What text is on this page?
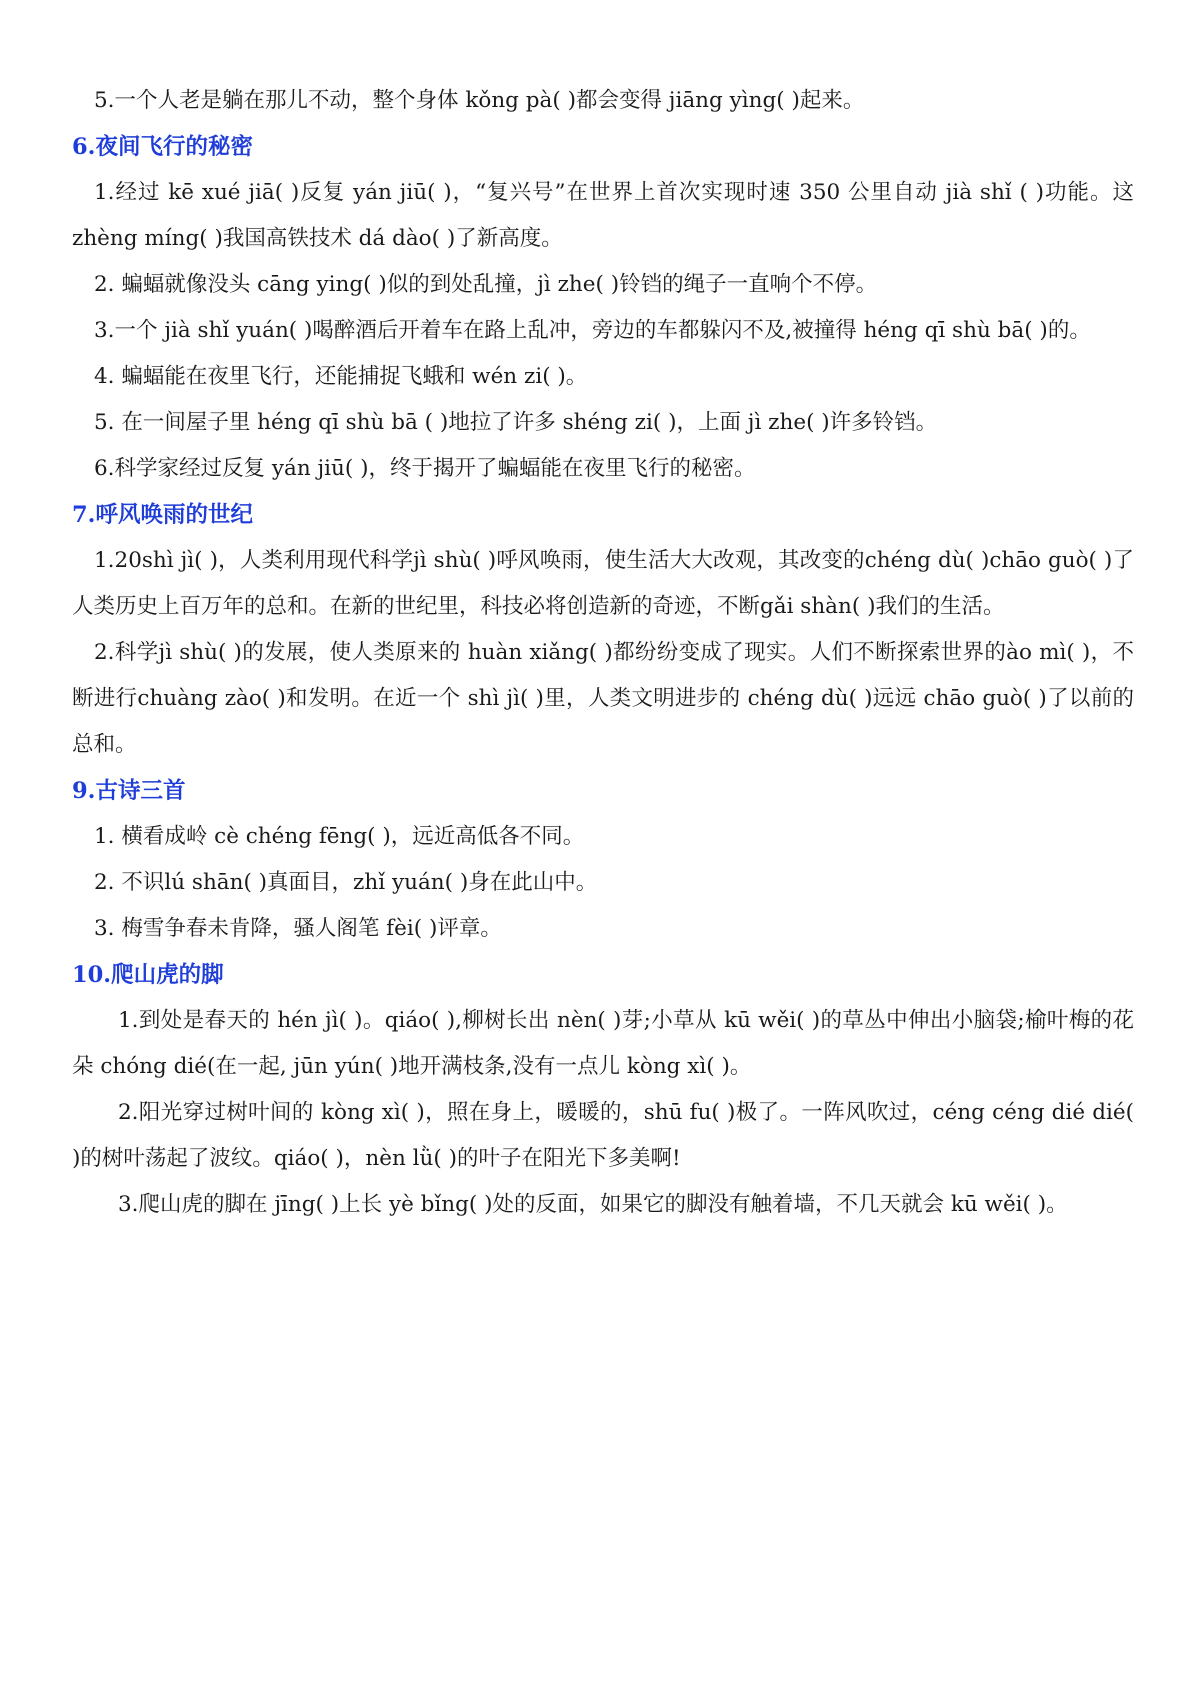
5.一个人老是躺在那儿不动，整个身体 kǒng pà( )都会变得 jiāng yìng( )起来。

6.夜间飞行的秘密

1.经过 kē xué jiā( )反复 yán jiū( )，“复兴号”在世界上首次实现时速 350 公里自动 jià shǐ ( )功能。这 zhèng míng( )我国高铁技术 dá dào( )了新高度。

2. 蝙蝠就像没头 cāng ying( )似的到处乱撞，jì zhe( )铃铛的绳子一直响个不停。

3.一个 jià shǐ yuán( )喝醉酒后开着车在路上乱冲，旁边的车都躲闪不及,被撞得 héng qī shù bā( )的。

4. 蝙蝠能在夜里飞行，还能捕捉飞蛾和 wén zi( )。

5. 在一间屋子里 héng qī shù bā ( )地拉了许多 shéng zi( )，上面 jì zhe( )许多铃铛。

6.科学家经过反复 yán jiū( )，终于揭开了蝙蝠能在夜里飞行的秘密。

7.呼风唤雨的世纪

1.20shì jì( )，人类利用现代科学jì shù( )呼风唤雨，使生活大大改观，其改变的chéng dù( )chāo guò( )了人类历史上百万年的总和。在新的世纪里，科技必将创造新的奇迹，不断gǎi shàn( )我们的生活。

2.科学jì shù( )的发展，使人类原来的 huàn xiǎng( )都纷纷变成了现实。人们不断探索世界的ào mì( )，不断进行chuàng zào( )和发明。在近一个 shì jì( )里，人类文明进步的 chéng dù( )远远 chāo guò( )了以前的总和。

9.古诗三首

1. 横看成岭 cè chéng fēng( )，远近高低各不同。

2. 不识lú shān( )真面目，zhǐ yuán( )身在此山中。

3. 梅雪争春未肯降，骚人阁笔 fèi( )评章。

10.爬山虎的脚

1.到处是春天的 hén jì( )。qiáo( ),柳树长出 nèn( )芽;小草从 kū wěi( )的草丛中伸出小脑袋;榆叶梅的花朵 chóng dié(在一起, jūn yún( )地开满枝条,没有一点儿 kòng xì( )。

2.阳光穿过树叶间的 kòng xì( )，照在身上，暖暖的，shū fu( )极了。一阵风吹过，céng céng dié dié( )的树叶荡起了波纹。qiáo( )，nèn lǜ( )的叶子在阳光下多美啊!

3.爬山虎的脚在 jīng( )上长 yè bǐng( )处的反面，如果它的脚没有触着墙，不几天就会 kū wěi( )。
